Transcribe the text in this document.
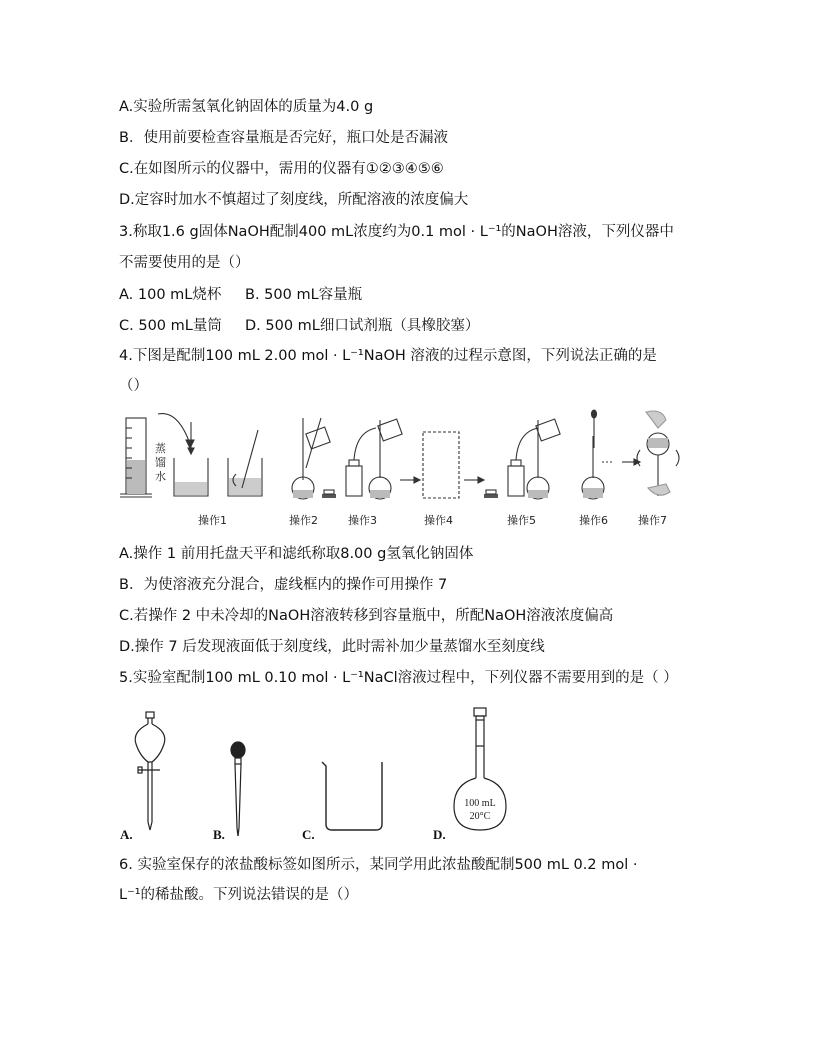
A.实验所需氢氧化钠固体的质量为4.0 g
B．使用前要检查容量瓶是否完好，瓶口处是否漏液
C.在如图所示的仪器中，需用的仪器有①②③④⑤⑥
D.定容时加水不慎超过了刻度线，所配溶液的浓度偏大
3.称取1.6 g固体NaOH配制400 mL浓度约为0.1 mol · L⁻¹的NaOH溶液，下列仪器中
不需要使用的是（）
A. 100 mL烧杯 B. 500 mL容量瓶
C. 500 mL量筒 D. 500 mL细口试剂瓶（具橡胶塞）
4.下图是配制100 mL 2.00 mol · L⁻¹NaOH 溶液的过程示意图，下列说法正确的是
（）
蒸
馏
水
操作1	操作2	操作3	操作4	操作5	操作6	操作7
A.操作 1 前用托盘天平和滤纸称取8.00 g氢氧化钠固体
B．为使溶液充分混合，虚线框内的操作可用操作 7
C.若操作 2 中未冷却的NaOH溶液转移到容量瓶中，所配NaOH溶液浓度偏高
D.操作 7 后发现液面低于刻度线，此时需补加少量蒸馏水至刻度线
5.实验室配制100 mL 0.10 mol · L⁻¹NaCl溶液过程中，下列仪器不需要用到的是（ ）
100 mL
20°C
A.	B.	C.	D.
6. 实验室保存的浓盐酸标签如图所示，某同学用此浓盐酸配制500 mL 0.2 mol ·
L⁻¹的稀盐酸。下列说法错误的是（）
